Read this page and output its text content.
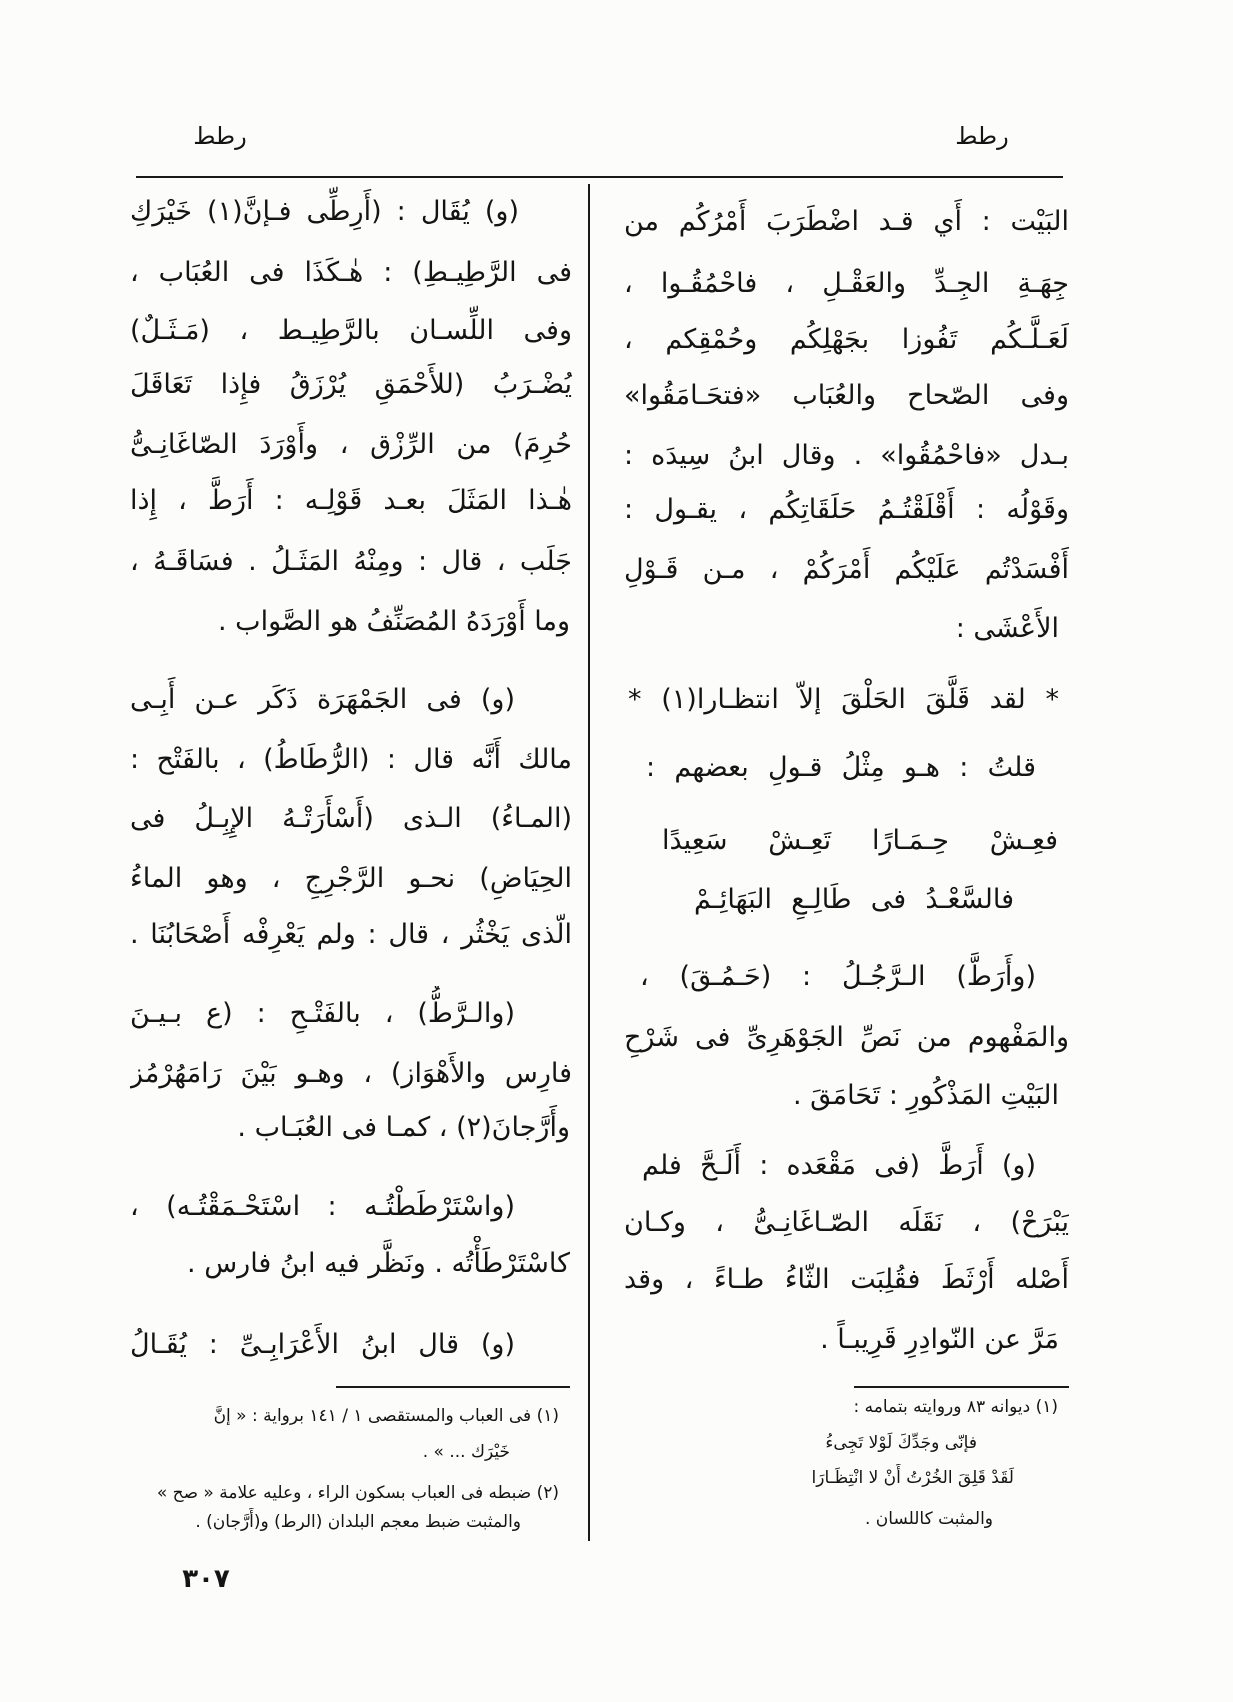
رطط	رطط
البَيْت : أَي قـد اضْطَرَبَ أَمْرُكُم من
جِهَـةِ الجِـدِّ والعَقْـلِ ، فاحْمُقُـوا ،
لَعَـلَّـكُم تَفُوزا بجَهْلِكُم وحُمْقِكم ،
وفى الصّحاح والعُبَاب «فتحَـامَقُوا»
بـدل «فاحْمُقُوا» . وقال ابنُ سِيدَه :
وقَوْلُه : أَقْلَقْتُـمُ حَلَقَاتِكُم ، يقـول :
أَفْسَدْتُم عَلَيْكُم أَمْرَكُمْ ، مـن قَـوْلِ
الأَعْشَى :
* لقد قَلَّقَ الحَلْقَ إلاّ انتظـارا(١) *
قلتُ : هـو مِثْلُ قـولِ بعضهم :
فعِـشْ حِـمَـارًا تَعِـشْ سَعِيدًا
فالسَّعْـدُ فى طَالِـعِ البَهَائِـمْ
(وأَرَطَّ) الـرَّجُـلُ : (حَـمُـقَ) ،
والمَفْهوم من نَصِّ الجَوْهَرِىِّ فى شَرْحِ
البَيْتِ المَذْكُورِ : تَحَامَقَ .
(و) أَرَطَّ (فى مَقْعَده : أَلَـحَّ فلم
يَبْرَحْ) ، نَقَلَه الصّـاغَانِـىُّ ، وكـان
أَصْله أَرْثَطَ فقُلِبَت الثّاءُ طـاءً ، وقد
مَرَّ عن النّوادِرِ قَرِيبـاً .
(١) ديوانه ٨٣ وروايته بتمامه :
فإنّى وجَدِّكَ لَوْلا تَجِىءُ
لَقَدْ قَلِقَ الخُرْتُ أَنْ لا انْتِظَـارَا
والمثبت كاللسان .
(و) يُقَال : (أَرِطِّى فـإنَّ(١) خَيْرَكِ
فى الرَّطِيـطِ) : هٰـكَذَا فى العُبَاب ،
وفى اللِّسـان بالرَّطِيـط ، (مَـثَـلٌ)
يُضْـرَبُ (للأَحْمَقِ يُرْزَقُ فإِذا تَعَاقَلَ
حُرِمَ) من الرِّزْق ، وأَوْرَدَ الصّاغَانِـىُّ
هٰـذا المَثَلَ بعـد قَوْلِـه : أَرَطَّ ، إِذا
جَلَب ، قال : ومِنْهُ المَثَـلُ . فسَاقَـهُ ،
وما أَوْرَدَهُ المُصَنِّفُ هو الصَّواب .
(و) فى الجَمْهَرَة ذَكَر عـن أَبِـى
مالك أَنَّه قال : (الرُّطَاطُ) ، بالفَتْح :
(المـاءُ) الـذى (أَسْأَرَتْـهُ الإِبِـلُ فى
الحِيَاضِ) نحـو الرَّجْرِجِ ، وهو الماءُ
الّذى يَخْثُر ، قال : ولم يَعْرِفْه أَصْحَابُنَا .
(والـرَّطُّ) ، بالفَتْـحِ : (ع بـيـنَ
فارِس والأَهْوَاز) ، وهـو بَيْنَ رَامَهُرْمُز
وأَرَّجانَ(٢) ، كمـا فى العُبَـاب .
(واسْتَرْطَطْتُـه : اسْتَحْـمَقْتُـه) ،
كاسْتَرْطَأْتُه . ونَظَّر فيه ابنُ فارس .
(و) قال ابنُ الأَعْرَابِـىِّ : يُقَـالُ
(١) فى العباب والمستقصى ١ / ١٤١ برواية : « إنَّ
خَيْرَك ... » .
(٢) ضبطه فى العباب بسكون الراء ، وعليه علامة « صح »
والمثبت ضبط معجم البلدان (الرط) و(أَرَّجان) .
٣٠٧
